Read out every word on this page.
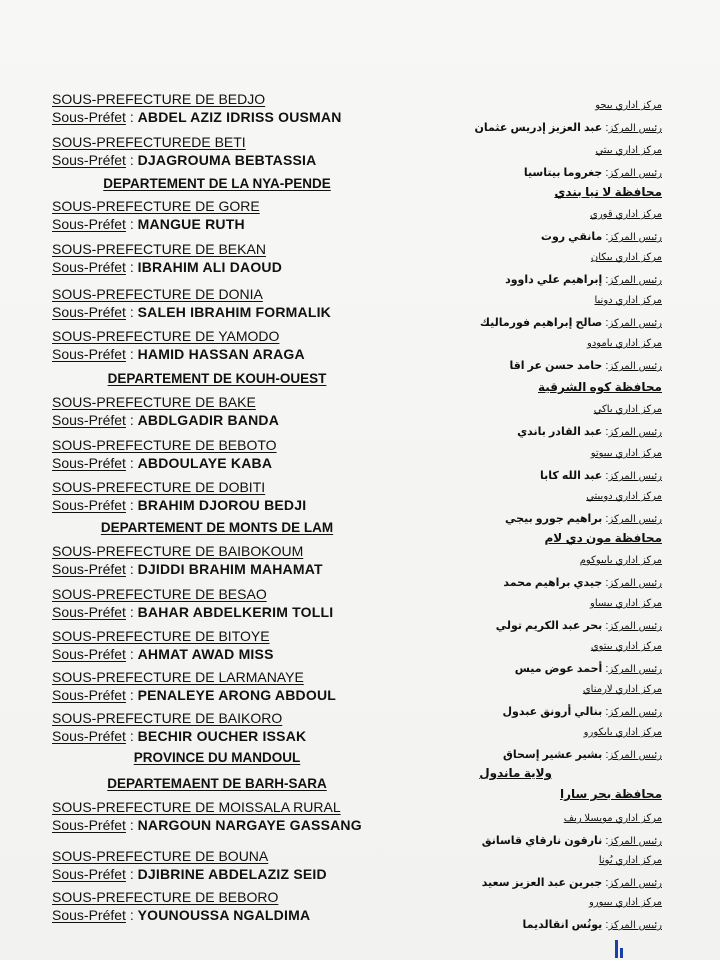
SOUS-PREFECTURE DE BEDJO
Sous-Préfet : ABDEL AZIZ IDRISS OUSMAN
SOUS-PREFECTUREDE BETI
Sous-Préfet : DJAGROUMA BEBTASSIA
DEPARTEMENT DE LA NYA-PENDE
SOUS-PREFECTURE DE GORE
Sous-Préfet : MANGUE RUTH
SOUS-PREFECTURE DE BEKAN
Sous-Préfet : IBRAHIM ALI DAOUD
SOUS-PREFECTURE DE DONIA
Sous-Préfet : SALEH IBRAHIM FORMALIK
SOUS-PREFECTURE DE YAMODO
Sous-Préfet : HAMID HASSAN ARAGA
DEPARTEMENT DE KOUH-OUEST
SOUS-PREFECTURE DE BAKE
Sous-Préfet : ABDLGADIR BANDA
SOUS-PREFECTURE DE BEBOTO
Sous-Préfet : ABDOULAYE KABA
SOUS-PREFECTURE DE DOBITI
Sous-Préfet : BRAHIM DJOROU BEDJI
DEPARTEMENT DE MONTS DE LAM
SOUS-PREFECTURE DE BAIBOKOUM
Sous-Préfet : DJIDDI BRAHIM MAHAMAT
SOUS-PREFECTURE DE BESAO
Sous-Préfet : BAHAR ABDELKERIM TOLLI
SOUS-PREFECTURE DE BITOYE
Sous-Préfet : AHMAT AWAD MISS
SOUS-PREFECTURE DE LARMANAYE
Sous-Préfet : PENALEYE ARONG ABDOUL
SOUS-PREFECTURE DE BAIKORO
Sous-Préfet : BECHIR OUCHER ISSAK
PROVINCE DU MANDOUL
DEPARTEMAENT DE BARH-SARA
SOUS-PREFECTURE DE MOISSALA RURAL
Sous-Préfet : NARGOUN NARGAYE GASSANG
SOUS-PREFECTURE DE BOUNA
Sous-Préfet : DJIBRINE ABDELAZIZ SEID
SOUS-PREFECTURE DE BEBORO
Sous-Préfet : YOUNOUSSA NGALDIMA
مركز اداري بيجو
رئيس المركز: عبد العزيز إدريس عثمان
مركز اداري بيتي
رئيس المركز: جغروما بيتاسيا
محافظة لا نيا بندي
مركز اداري قوري
رئيس المركز: مانقي روت
مركز اداري بيكان
رئيس المركز: إبراهيم علي داوود
مركز اداري دونيا
رئيس المركز: صالح إبراهيم فورماليك
مركز اداري يامودو
رئيس المركز: حامد حسن عر اقا
محافظة كوه الشرقية
مركز اداري باكي
رئيس المركز: عبد القادر باندي
مركز اداري بيبوتو
رئيس المركز: عبد الله كابا
مركز اداري دوبيتي
رئيس المركز: براهيم جورو بيجي
محافظة مون دي لام
مركز اداري بايبوكوم
رئيس المركز: جيدي براهيم محمد
مركز اداري بيساو
رئيس المركز: بحر عبد الكريم تولي
مركز اداري بيتوي
رئيس المركز: أحمد عوض ميس
مركز اداري لارمناي
رئيس المركز: بنالي أرونق عبدول
مركز اداري بايكورو
رئيس المركز: بشير عشير إسحاق
ولاية ماندول
محافظة بحر سارا
مركز اداري مويسلا ريف
رئيس المركز: نارقون نارقاي قاسانق
مركز اداري بُونا
رئيس المركز: جبرين عبد العزيز سعيد
مركز اداري بيبورو
رئيس المركز: يونُس انقالديما
